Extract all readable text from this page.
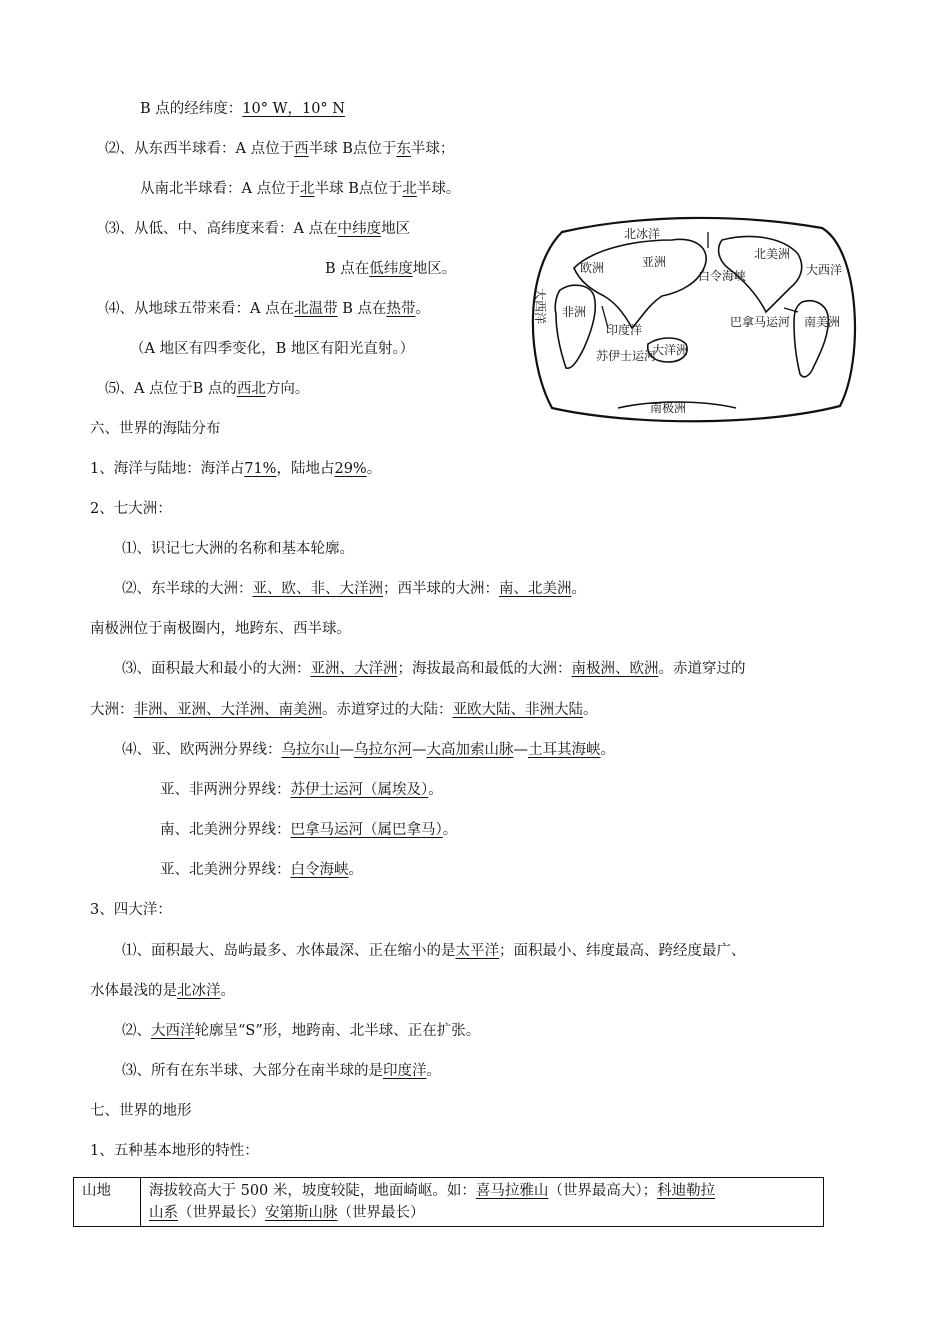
B 点的经纬度：10° W，10° N
⑵、从东西半球看：A 点位于西半球 B点位于东半球；
从南北半球看：A 点位于北半球 B点位于北半球。
⑶、从低、中、高纬度来看：A 点在中纬度地区
B 点在低纬度地区。
⑷、从地球五带来看：A 点在北温带 B 点在热带。
（A 地区有四季变化，B 地区有阳光直射。）
⑸、A 点位于B 点的西北方向。
六、世界的海陆分布
1、海洋与陆地：海洋占71%，陆地占29%。
2、七大洲：
⑴、识记七大洲的名称和基本轮廓。
⑵、东半球的大洲：亚、欧、非、大洋洲；西半球的大洲：南、北美洲。
南极洲位于南极圈内，地跨东、西半球。
⑶、面积最大和最小的大洲：亚洲、大洋洲；海拔最高和最低的大洲：南极洲、欧洲。赤道穿过的
大洲：非洲、亚洲、大洋洲、南美洲。赤道穿过的大陆：亚欧大陆、非洲大陆。
⑷、亚、欧两洲分界线：乌拉尔山—乌拉尔河—大高加索山脉—土耳其海峡。
亚、非两洲分界线：苏伊士运河（属埃及）。
南、北美洲分界线：巴拿马运河（属巴拿马）。
亚、北美洲分界线：白令海峡。
3、四大洋：
⑴、面积最大、岛屿最多、水体最深、正在缩小的是太平洋；面积最小、纬度最高、跨经度最广、
水体最浅的是北冰洋。
⑵、大西洋轮廓呈“S”形，地跨南、北半球、正在扩张。
⑶、所有在东半球、大部分在南半球的是印度洋。
七、世界的地形
1、五种基本地形的特性：
北冰洋
欧洲	亚洲
北美洲
大西洋
大西洋
非洲
印度洋
苏伊士运河
大洋洲
白令海峡
巴拿马运河 南美洲
南极洲
山地	海拔较高大于 500 米，坡度较陡，地面崎岖。如：喜马拉雅山（世界最高大）；科迪勒拉
山系（世界最长）安第斯山脉（世界最长）
